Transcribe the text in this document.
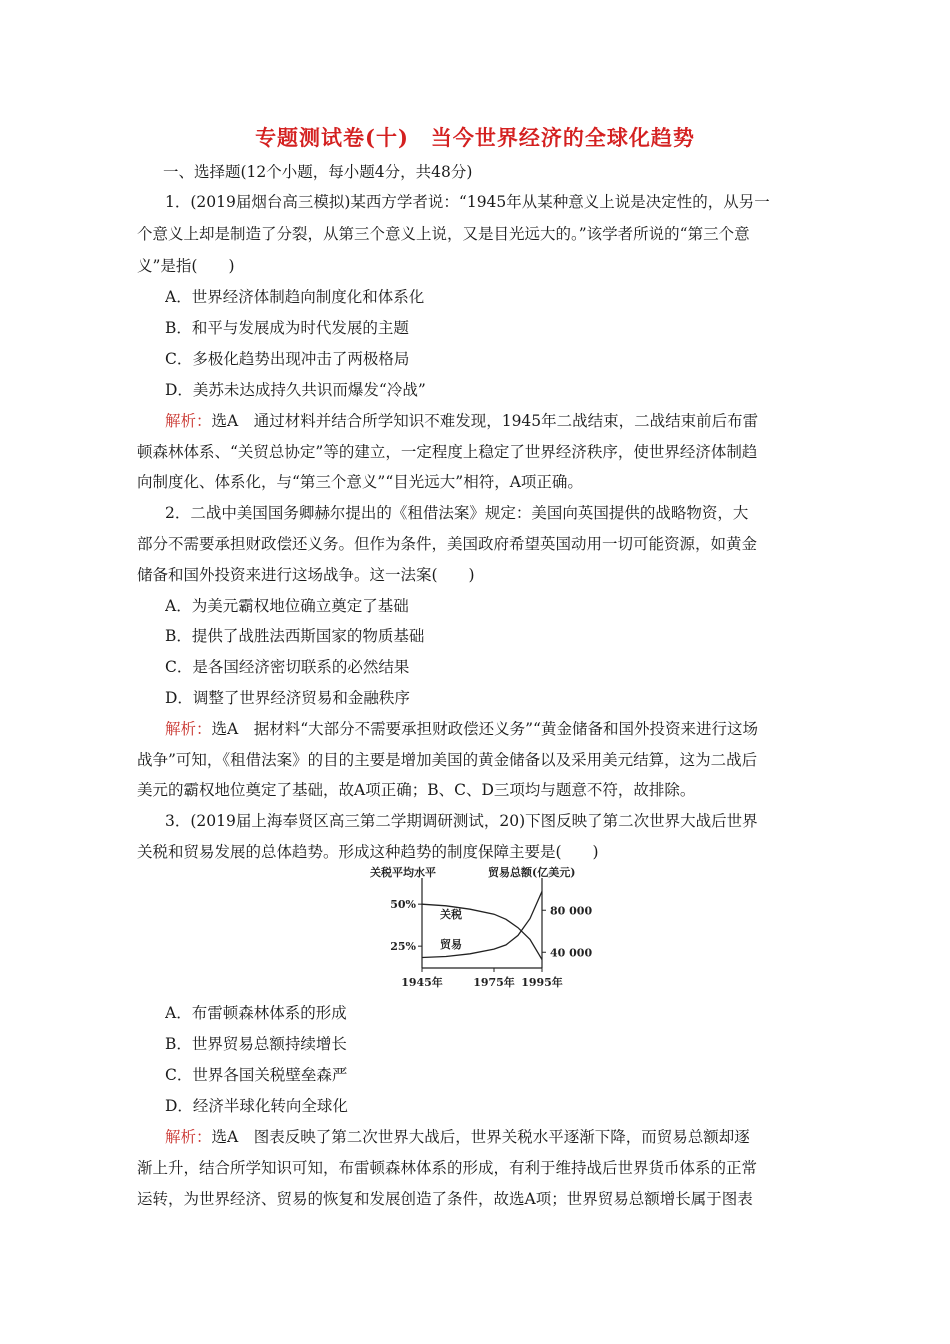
专题测试卷(十)　当今世界经济的全球化趋势
一、选择题(12个小题，每小题4分，共48分)
1．(2019届烟台高三模拟)某西方学者说：“1945年从某种意义上说是决定性的，从另一
个意义上却是制造了分裂，从第三个意义上说，又是目光远大的。”该学者所说的“第三个意
义”是指(　　)
A．世界经济体制趋向制度化和体系化
B．和平与发展成为时代发展的主题
C．多极化趋势出现冲击了两极格局
D．美苏未达成持久共识而爆发“冷战”
解析：选A　通过材料并结合所学知识不难发现，1945年二战结束，二战结束前后布雷
顿森林体系、“关贸总协定”等的建立，一定程度上稳定了世界经济秩序，使世界经济体制趋
向制度化、体系化，与“第三个意义”“目光远大”相符，A项正确。
2．二战中美国国务卿赫尔提出的《租借法案》规定：美国向英国提供的战略物资，大
部分不需要承担财政偿还义务。但作为条件，美国政府希望英国动用一切可能资源，如黄金
储备和国外投资来进行这场战争。这一法案(　　)
A．为美元霸权地位确立奠定了基础
B．提供了战胜法西斯国家的物质基础
C．是各国经济密切联系的必然结果
D．调整了世界经济贸易和金融秩序
解析：选A　据材料“大部分不需要承担财政偿还义务”“黄金储备和国外投资来进行这场
战争”可知，《租借法案》的目的主要是增加美国的黄金储备以及采用美元结算，这为二战后
美元的霸权地位奠定了基础，故A项正确；B、C、D三项均与题意不符，故排除。
3．(2019届上海奉贤区高三第二学期调研测试，20)下图反映了第二次世界大战后世界
关税和贸易发展的总体趋势。形成这种趋势的制度保障主要是(　　)
关税平均水平	贸易总额(亿美元)
50%
25%
80 000
40 000
1945年	1975年 1995年
关税
贸易
A．布雷顿森林体系的形成
B．世界贸易总额持续增长
C．世界各国关税壁垒森严
D．经济半球化转向全球化
解析：选A　图表反映了第二次世界大战后，世界关税水平逐渐下降，而贸易总额却逐
渐上升，结合所学知识可知，布雷顿森林体系的形成，有利于维持战后世界货币体系的正常
运转，为世界经济、贸易的恢复和发展创造了条件，故选A项；世界贸易总额增长属于图表
